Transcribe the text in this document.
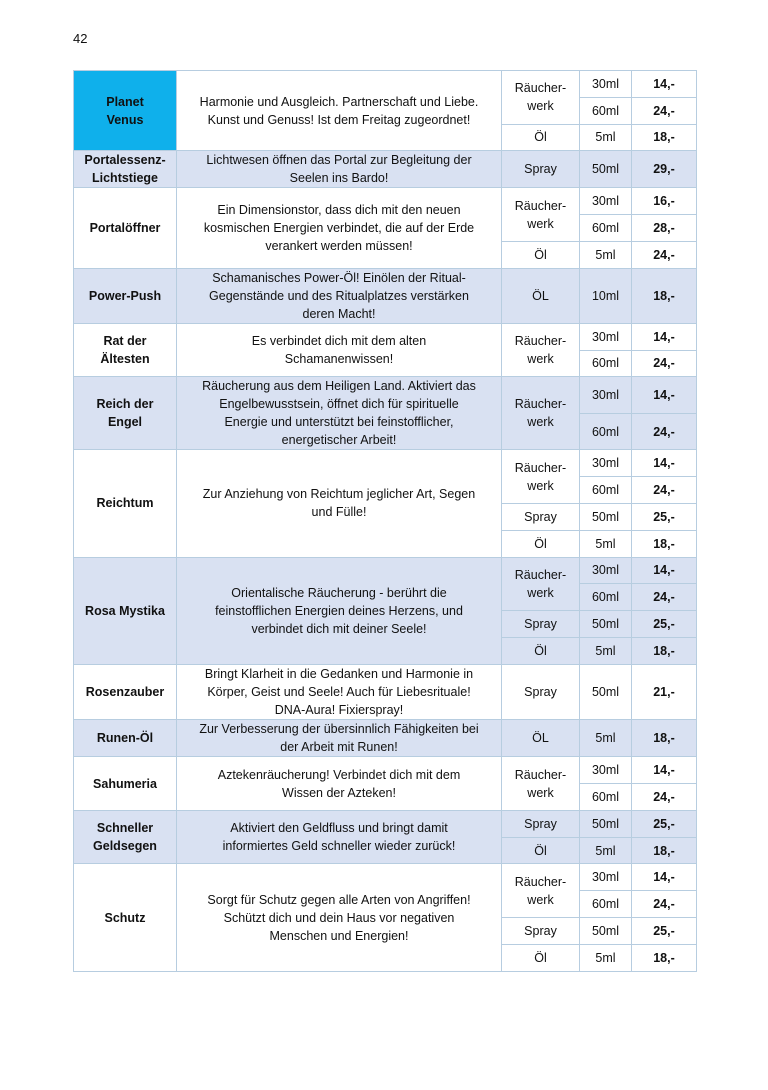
42
Planet
Venus	Harmonie und Ausgleich. Partnerschaft und Liebe.
Kunst und Genuss! Ist dem Freitag zugeordnet!	Räucher-
werk	30ml	14,-
			60ml	24,-

		Öl	5ml	18,-
Portalessenz-
Lichtstiege	Lichtwesen öffnen das Portal zur Begleitung der
Seelen ins Bardo!	Spray	50ml	29,-
Portalöffner	Ein Dimensionstor, dass dich mit den neuen
kosmischen Energien verbindet, die auf der Erde
verankert werden müssen!	Räucher-
werk	30ml	16,-
			60ml	28,-

		Öl	5ml	24,-
Power-Push	Schamanisches Power-Öl! Einölen der Ritual-
Gegenstände und des Ritualplatzes verstärken
deren Macht!	ÖL	10ml	18,-
Rat der
Ältesten	Es verbindet dich mit dem alten
Schamanenwissen!	Räucher-
werk	30ml	14,-
			60ml	24,-
Reich der
Engel	Räucherung aus dem Heiligen Land. Aktiviert das
Engelbewusstsein, öffnet dich für spirituelle
Energie und unterstützt bei feinstofflicher,
energetischer Arbeit!	Räucher-
werk	30ml	14,-
			60ml	24,-
Reichtum	Zur Anziehung von Reichtum jeglicher Art, Segen
und Fülle!	Räucher-
werk	30ml	14,-
			60ml	24,-

		Spray	50ml	25,-

		Öl	5ml	18,-
Rosa Mystika	Orientalische Räucherung - berührt die
feinstofflichen Energien deines Herzens, und
verbindet dich mit deiner Seele!	Räucher-
werk	30ml	14,-
			60ml	24,-

		Spray	50ml	25,-

		Öl	5ml	18,-
Rosenzauber	Bringt Klarheit in die Gedanken und Harmonie in
Körper, Geist und Seele! Auch für Liebesrituale!
DNA-Aura! Fixierspray!	Spray	50ml	21,-
Runen-Öl	Zur Verbesserung der übersinnlich Fähigkeiten bei
der Arbeit mit Runen!	ÖL	5ml	18,-
Sahumeria	Aztekenräucherung! Verbindet dich mit dem
Wissen der Azteken!	Räucher-
werk	30ml	14,-
			60ml	24,-
Schneller
Geldsegen	Aktiviert den Geldfluss und bringt damit
informiertes Geld schneller wieder zurück!	Spray	50ml	25,-

		Öl	5ml	18,-
Schutz	Sorgt für Schutz gegen alle Arten von Angriffen!
Schützt dich und dein Haus vor negativen
Menschen und Energien!	Räucher-
werk	30ml	14,-
			60ml	24,-

		Spray	50ml	25,-

		Öl	5ml	18,-
